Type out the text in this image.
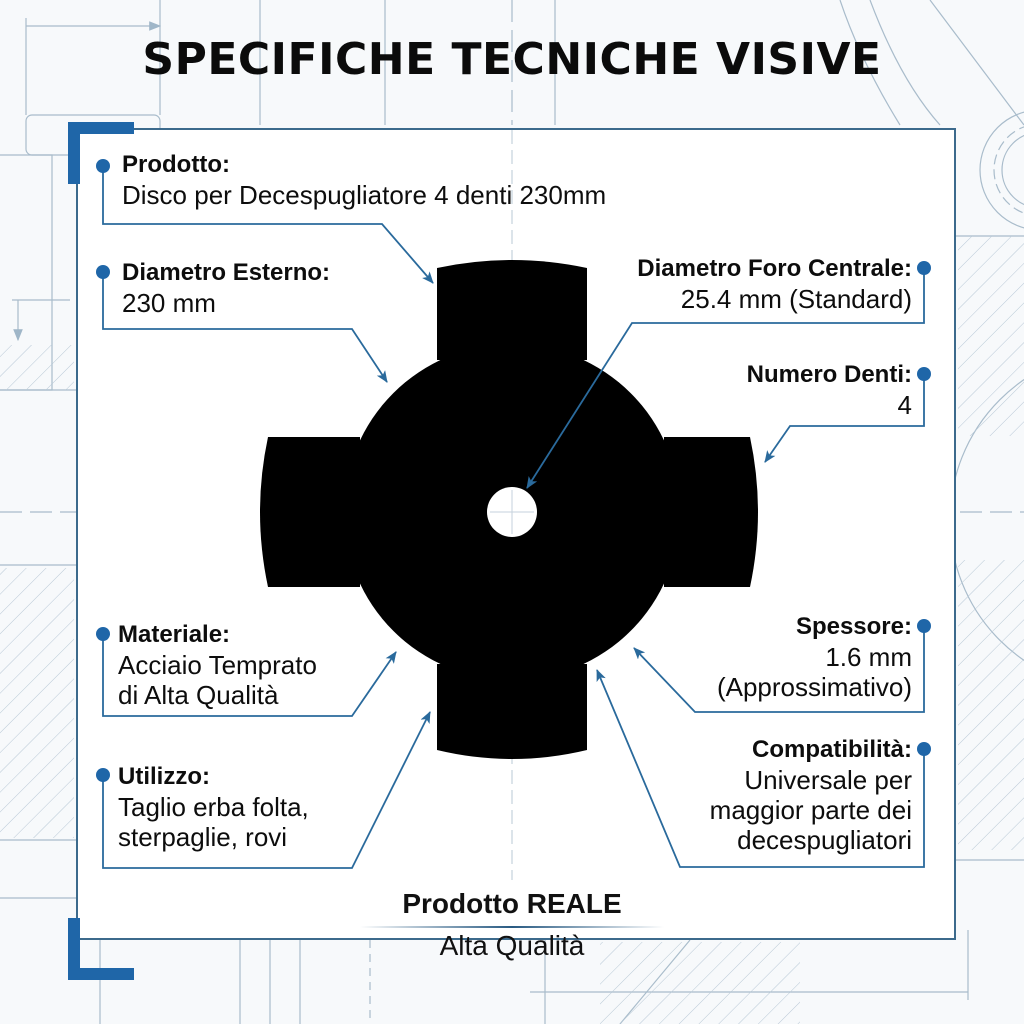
SPECIFICHE TECNICHE VISIVE
Prodotto:
Disco per Decespugliatore 4 denti 230mm
Diametro Esterno:
230 mm
Materiale:
Acciaio Temprato
di Alta Qualità
Utilizzo:
Taglio erba folta,
sterpaglie, rovi
Diametro Foro Centrale:
25.4 mm (Standard)
Numero Denti:
4
Spessore:
1.6 mm
(Approssimativo)
Compatibilità:
Universale per
maggior parte dei
decespugliatori
Prodotto REALE
Alta Qualità
